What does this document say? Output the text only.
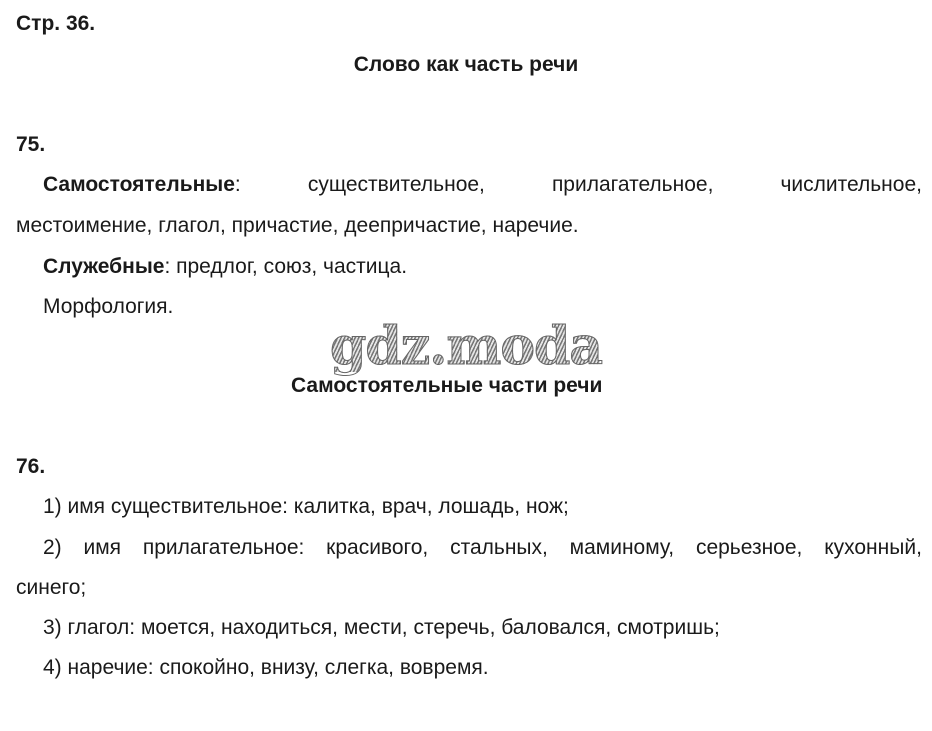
Стр. 36.
Слово как часть речи
75.
Самостоятельные:	существительное,	прилагательное,	числительное,
местоимение, глагол, причастие, деепричастие, наречие.
Служебные: предлог, союз, частица.
Морфология.
gdz.moda
Самостоятельные части речи
76.
1) имя существительное: калитка, врач, лошадь, нож;
2) имя прилагательное: красивого, стальных, маминому, серьезное, кухонный,
синего;
3) глагол: моется, находиться, мести, стеречь, баловался, смотришь;
4) наречие: спокойно, внизу, слегка, вовремя.
